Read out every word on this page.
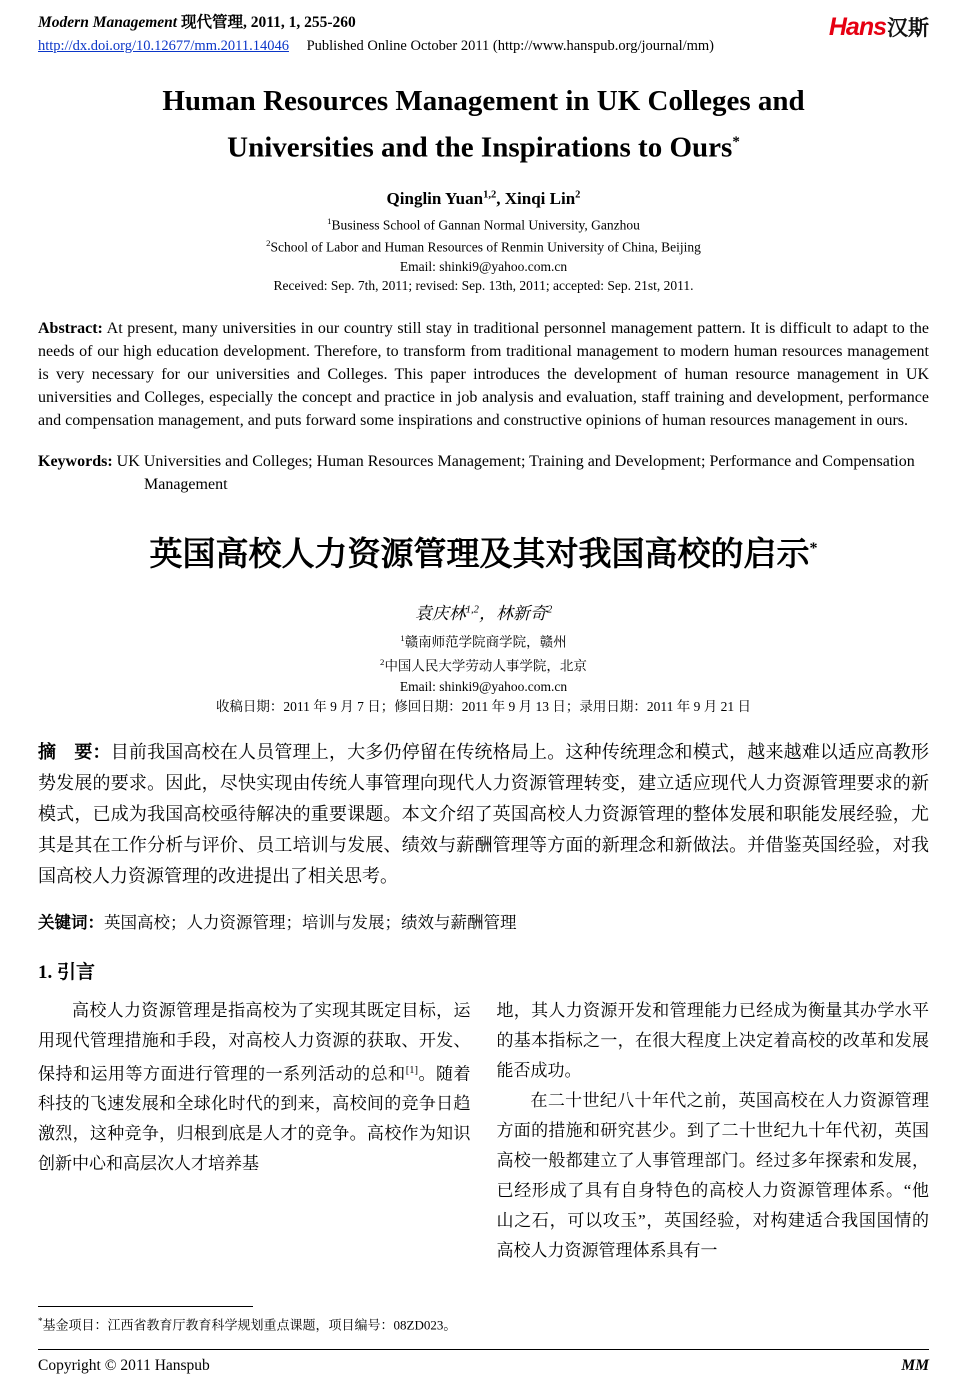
Modern Management 现代管理, 2011, 1, 255-260
http://dx.doi.org/10.12677/mm.2011.14046 Published Online October 2011 (http://www.hanspub.org/journal/mm)
Hans汉斯
Human Resources Management in UK Colleges and
Universities and the Inspirations to Ours*

Qinglin Yuan$^{1,2}$, Xinqi Lin$^2$

$^1$Business School of Gannan Normal University, Ganzhou

$^2$School of Labor and Human Resources of Renmin University of China, Beijing

Email: shinki9@yahoo.com.cn

Received: Sep. 7th, 2011; revised: Sep. 13th, 2011; accepted: Sep. 21st, 2011.

Abstract: At present, many universities in our country still stay in traditional personnel management pattern. It is difficult to adapt to the needs of our high education development. Therefore, to transform from traditional management to modern human resources management is very necessary for our universities and Colleges. This paper introduces the development of human resource management in UK universities and Colleges, especially the concept and practice in job analysis and evaluation, staff training and development, performance and compensation management, and puts forward some inspirations and constructive opinions of human resources management in ours.

Keywords: UK Universities and Colleges; Human Resources Management; Training and Development; Performance and Compensation Management

英国高校人力资源管理及其对我国高校的启示*

袁庆林$^{1,2}$，林新奇$^2$

$^1$赣南师范学院商学院，赣州

$^2$中国人民大学劳动人事学院，北京

Email: shinki9@yahoo.com.cn

收稿日期：2011 年 9 月 7 日；修回日期：2011 年 9 月 13 日；录用日期：2011 年 9 月 21 日

摘　要：目前我国高校在人员管理上，大多仍停留在传统格局上。这种传统理念和模式，越来越难以适应高教形势发展的要求。因此，尽快实现由传统人事管理向现代人力资源管理转变，建立适应现代人力资源管理要求的新模式，已成为我国高校亟待解决的重要课题。本文介绍了英国高校人力资源管理的整体发展和职能发展经验，尤其是其在工作分析与评价、员工培训与发展、绩效与薪酬管理等方面的新理念和新做法。并借鉴英国经验，对我国高校人力资源管理的改进提出了相关思考。

关键词：英国高校；人力资源管理；培训与发展；绩效与薪酬管理

1. 引言

高校人力资源管理是指高校为了实现其既定目标，运用现代管理措施和手段，对高校人力资源的获取、开发、保持和运用等方面进行管理的一系列活动的总和[1]。随着科技的飞速发展和全球化时代的到来，高校间的竞争日趋激烈，这种竞争，归根到底是人才的竞争。高校作为知识创新中心和高层次人才培养基

*基金项目：江西省教育厅教育科学规划重点课题，项目编号：08ZD023。

地，其人力资源开发和管理能力已经成为衡量其办学水平的基本指标之一，在很大程度上决定着高校的改革和发展能否成功。

在二十世纪八十年代之前，英国高校在人力资源管理方面的措施和研究甚少。到了二十世纪九十年代初，英国高校一般都建立了人事管理部门。经过多年探索和发展，已经形成了具有自身特色的高校人力资源管理体系。“他山之石，可以攻玉”，英国经验，对构建适合我国国情的高校人力资源管理体系具有一

Copyright © 2011 Hanspub	MM
